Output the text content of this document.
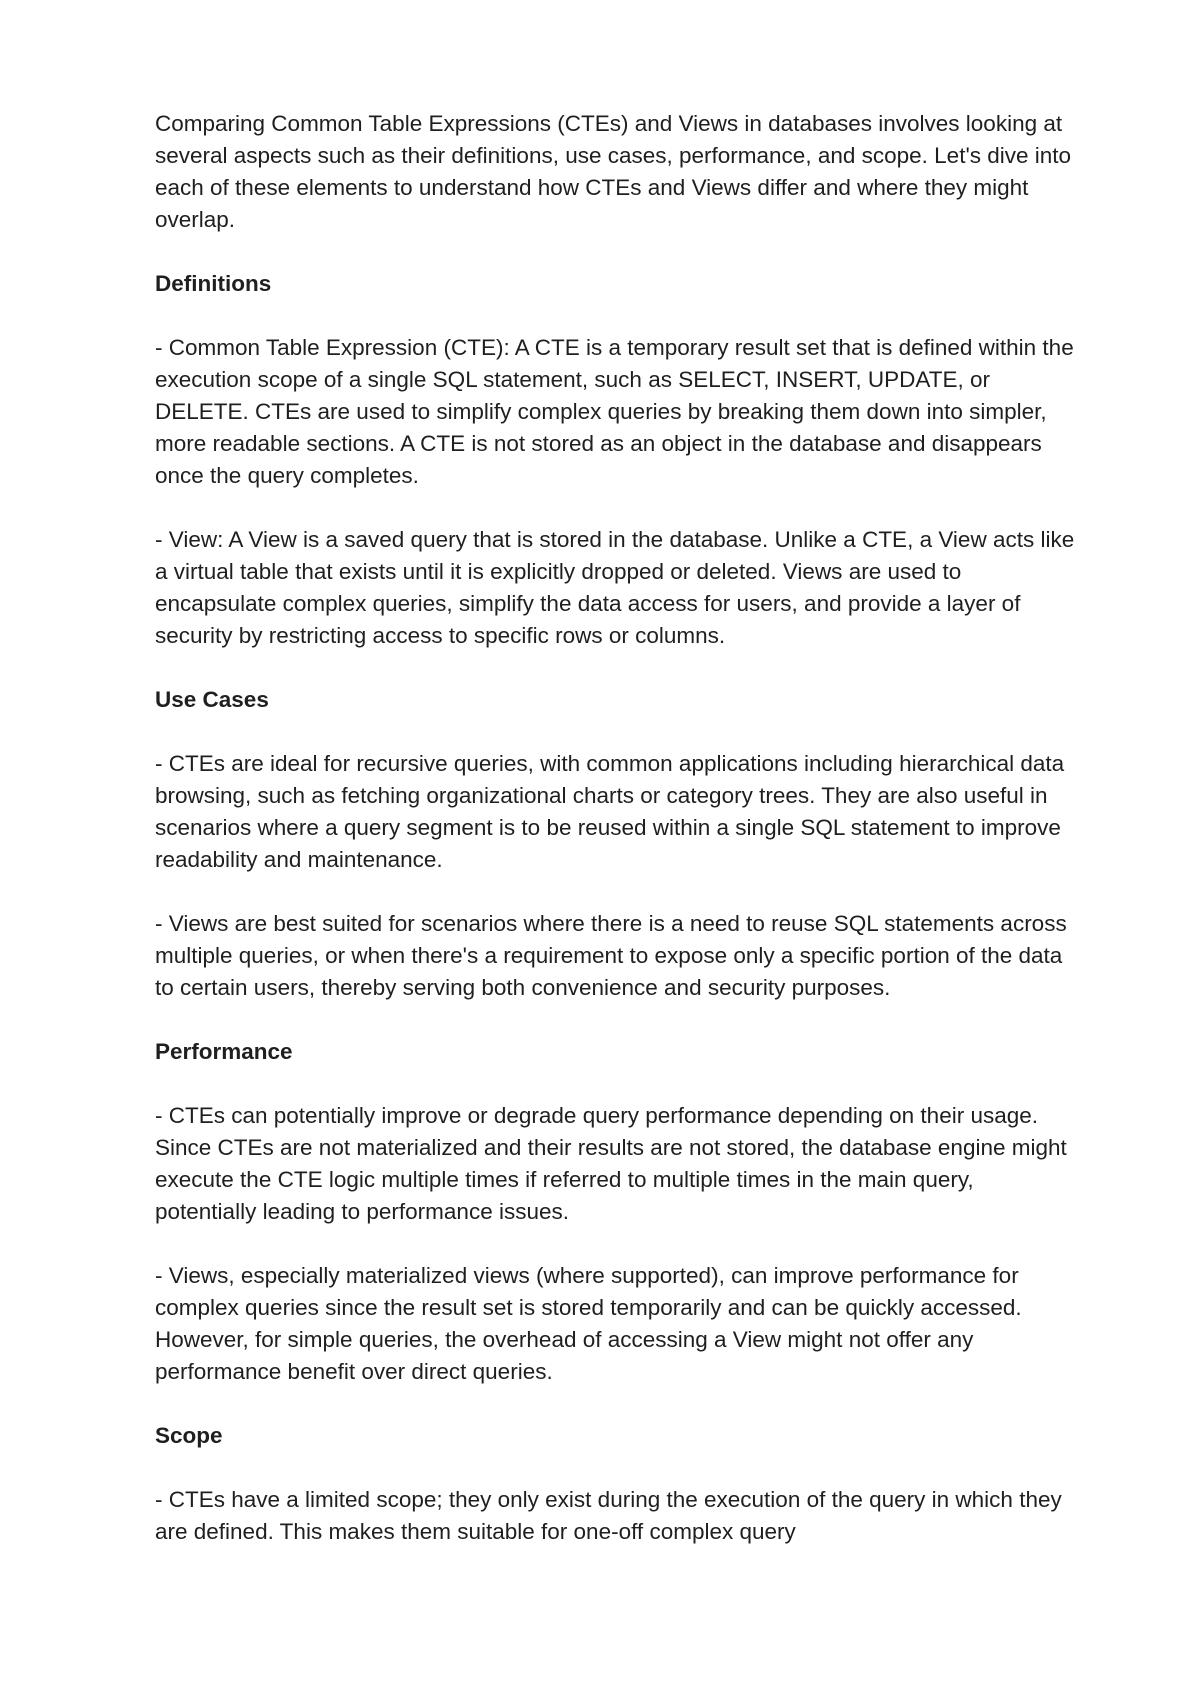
Comparing Common Table Expressions (CTEs) and Views in databases involves looking at several aspects such as their definitions, use cases, performance, and scope. Let's dive into each of these elements to understand how CTEs and Views differ and where they might overlap.

Definitions

- Common Table Expression (CTE): A CTE is a temporary result set that is defined within the execution scope of a single SQL statement, such as SELECT, INSERT, UPDATE, or DELETE. CTEs are used to simplify complex queries by breaking them down into simpler, more readable sections. A CTE is not stored as an object in the database and disappears once the query completes.

- View: A View is a saved query that is stored in the database. Unlike a CTE, a View acts like a virtual table that exists until it is explicitly dropped or deleted. Views are used to encapsulate complex queries, simplify the data access for users, and provide a layer of security by restricting access to specific rows or columns.

Use Cases

- CTEs are ideal for recursive queries, with common applications including hierarchical data browsing, such as fetching organizational charts or category trees. They are also useful in scenarios where a query segment is to be reused within a single SQL statement to improve readability and maintenance.

- Views are best suited for scenarios where there is a need to reuse SQL statements across multiple queries, or when there's a requirement to expose only a specific portion of the data to certain users, thereby serving both convenience and security purposes.

Performance

- CTEs can potentially improve or degrade query performance depending on their usage. Since CTEs are not materialized and their results are not stored, the database engine might execute the CTE logic multiple times if referred to multiple times in the main query, potentially leading to performance issues.

- Views, especially materialized views (where supported), can improve performance for complex queries since the result set is stored temporarily and can be quickly accessed. However, for simple queries, the overhead of accessing a View might not offer any performance benefit over direct queries.

Scope

- CTEs have a limited scope; they only exist during the execution of the query in which they are defined. This makes them suitable for one-off complex query
